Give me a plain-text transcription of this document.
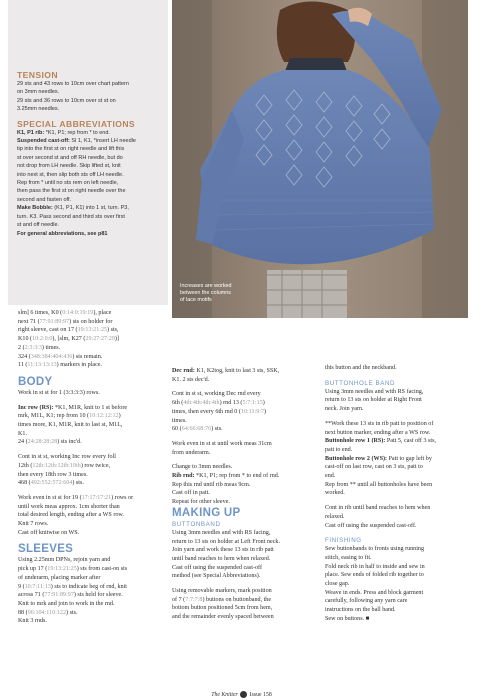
TENSION
29 sts and 43 rows to 10cm over chart pattern
on 3mm needles.
29 sts and 36 rows to 10cm over st st on
3.25mm needles.
SPECIAL ABBREVIATIONS
K1, P1 rib: *K1, P1; rep from * to end.
Suspended cast-off: Sl 1, K1, *insert LH needle
tip into the first st on right needle and lift this
st over second st and off RH needle, but do
not drop from LH needle. Skip lifted st, knit
into next st, then slip both sts off LH needle.
Rep from * until no sts rem on left needle,
then pass the first st on right needle over the
second and fasten off.
Make Bobble: (K1, P1, K1) into 1 st, turn. P3,
turn. K3. Pass second and third sts over first
st and off needle.
For general abbreviations, see p81
Increases are worked
between the columns
of lace motifs

slm] 6 times, K0 (0:14:0:19:19), place

next 71 (77:91:89:97) sts on holder for

right sleeve, cast on 17 (19:13:21:25) sts,

K10 (10:2:0:0), [slm, K27 (29:27:27:29)]

2 (2:3:3:3) times.

324 (348:384:404:436) sts remain.

11 (11:13:13:13) markers in place.

BODY

Work in st st for 1 (3:3:3:3) rows.

Inc row (RS): *K1, M1R, knit to 1 st before

mrk, M1L, K1; rep from 10 (10:12:12:12)

times more, K1, M1R, knit to last st, M1L,

K1.

24 (24:28:28:28) sts inc'd.

Cont in st st, working Inc row every foll

12th (12th:12th:12th:10th) row twice,

then every 18th row 3 times.

468 (492:552:572:604) sts.

Work even in st st for 19 (17:17:17:21) rows or

until work meas approx. 1cm shorter than

total desired length, ending after a WS row.

Knit 7 rows.

Cast off knitwise on WS.

SLEEVES

Using 2.25mm DPNs, rejoin yarn and

pick up 17 (19:13:21:25) sts from cast-on sts

of underarm, placing marker after

9 (10:7:11:13) sts to indicate beg of rnd, knit

across 71 (77:91:89:97) sts held for sleeve.

Knit to mrk and join to work in the rnd.

88 (96:104:110:122) sts.

Knit 3 rnds.

Dec rnd: K1, K2tog, knit to last 3 sts, SSK,

K1. 2 sts dec'd.

Cont in st st, working Dec rnd every

6th (4th:4th:4th:4th) rnd 13 (5:7:1:15)

times, then every 6th rnd 0 (10:11:9:7)

times.

60 (64:66:68:76) sts.

Work even in st st until work meas 31cm

from underarm.

Change to 3mm needles.

Rib rnd: *K1, P1; rep from * to end of rnd.

Rep this rnd until rib meas 9cm.

Cast off in patt.

Repeat for other sleeve.

MAKING UP
BUTTONBAND

Using 3mm needles and with RS facing,

return to 13 sts on holder at Left Front neck.

Join yarn and work these 13 sts in rib patt

until band reaches to hem when relaxed.

Cast off using the suspended cast-off

method (see Special Abbreviations).

Using removable markers, mark position

of 7 (7:7:7:8) buttons on buttonband, the

bottom button positioned 5cm from hem,

and the remainder evenly spaced between

this button and the neckband.

BUTTONHOLE BAND

Using 3mm needles and with RS facing,

return to 13 sts on holder at Right Front

neck. Join yarn.

**Work these 13 sts in rib patt to position of

next button marker, ending after a WS row.

Buttonhole row 1 (RS): Patt 5, cast off 3 sts,

patt to end.

Buttonhole row 2 (WS): Patt to gap left by

cast-off on last row, cast on 3 sts, patt to

end.

Rep from ** until all buttonholes have been

worked.

Cont in rib until band reaches to hem when

relaxed.

Cast off using the suspended cast-off.

FINISHING

Sew buttonbands to fronts using running

stitch, easing to fit.

Fold neck rib in half to inside and sew in

place. Sew ends of folded rib together to

close gap.

Weave in ends. Press and block garment

carefully, following any yarn care

instructions on the ball band.

Sew on buttons. ■

The Knitter Issue 158
